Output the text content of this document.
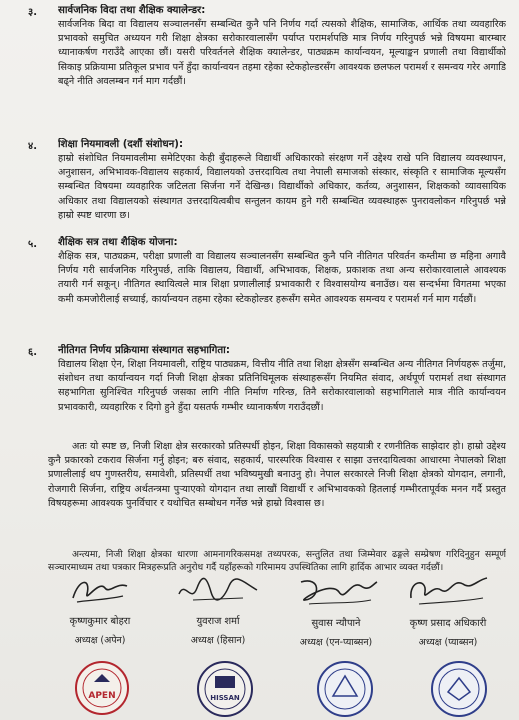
३. सार्वजनिक विदा तथा शैक्षिक क्यालेन्डर:
सार्वजनिक बिदा वा विद्यालय सञ्चालनसँग सम्बन्धित कुनै पनि निर्णय गर्दा त्यसको शैक्षिक, सामाजिक, आर्थिक तथा व्यवहारिक प्रभावको समुचित अध्ययन गरी शिक्षा क्षेत्रका सरोकारवालासँग पर्याप्त परामर्शपछि मात्र निर्णय गरिनुपर्छ भन्ने विषयमा बारम्बार ध्यानाकर्षण गराउँदै आएका छौं। यसरी परिवर्तनले शैक्षिक क्यालेन्डर, पाठ्यक्रम कार्यान्वयन, मूल्याङ्कन प्रणाली तथा विद्यार्थीको सिकाइ प्रक्रियामा प्रतिकूल प्रभाव पर्ने हुँदा कार्यान्वयन तहमा रहेका स्टेकहोल्डरसँग आवश्यक छलफल परामर्श र समन्वय गरेर अगाडि बढ्ने नीति अवलम्बन गर्न माग गर्दछौं।
४. शिक्षा नियमावली (दशौं संशोधन):
हाम्रो संशोधित नियमावलीमा समेटिएका केही बुँदाहरूले विद्यार्थी अधिकारको संरक्षण गर्ने उद्देश्य राखे पनि विद्यालय व्यवस्थापन, अनुशासन, अभिभावक-विद्यालय सहकार्य, विद्यालयको उत्तरदायित्व तथा नेपाली समाजको संस्कार, संस्कृति र सामाजिक मूल्यसँग सम्बन्धित विषयमा व्यवहारिक जटिलता सिर्जना गर्ने देखिन्छ। विद्यार्थीको अधिकार, कर्तव्य, अनुशासन, शिक्षकको व्यावसायिक अधिकार तथा विद्यालयको संस्थागत उत्तरदायित्वबीच सन्तुलन कायम हुने गरी सम्बन्धित व्यवस्थाहरू पुनरावलोकन गरिनुपर्छ भन्ने हाम्रो स्पष्ट धारणा छ।
५. शैक्षिक सत्र तथा शैक्षिक योजना:
शैक्षिक सत्र, पाठ्यक्रम, परीक्षा प्रणाली वा विद्यालय सञ्चालनसँग सम्बन्धित कुनै पनि नीतिगत परिवर्तन कम्तीमा छ महिना अगावै निर्णय गरी सार्वजनिक गरिनुपर्छ, ताकि विद्यालय, विद्यार्थी, अभिभावक, शिक्षक, प्रकाशक तथा अन्य सरोकारवालाले आवश्यक तयारी गर्न सकून्। नीतिगत स्थायित्वले मात्र शिक्षा प्रणालीलाई प्रभावकारी र विश्वासयोग्य बनाउँछ। यस सन्दर्भमा विगतमा भएका कमी कमजोरीलाई सच्याई, कार्यान्वयन तहमा रहेका स्टेकहोल्डर हरूसँग समेत आवश्यक समन्वय र परामर्श गर्न माग गर्दछौं।
६. नीतिगत निर्णय प्रक्रियामा संस्थागत सहभागिता:
विद्यालय शिक्षा ऐन, शिक्षा नियमावली, राष्ट्रिय पाठ्यक्रम, वित्तीय नीति तथा शिक्षा क्षेत्रसँग सम्बन्धित अन्य नीतिगत निर्णयहरू तर्जुमा, संशोधन तथा कार्यान्वयन गर्दा निजी शिक्षा क्षेत्रका प्रतिनिधिमूलक संस्थाहरूसँग नियमित संवाद, अर्थपूर्ण परामर्श तथा संस्थागत सहभागिता सुनिश्चित गरिनुपर्छ जसका लागि नीति निर्माण गरिन्छ, तिनै सरोकारवालाको सहभागिताले मात्र नीति कार्यान्वयन प्रभावकारी, व्यवहारिक र दिगो हुने हुँदा यसतर्फ गम्भीर ध्यानाकर्षण गराउँदछौं।
अतः यो स्पष्ट छ, निजी शिक्षा क्षेत्र सरकारको प्रतिस्पर्धी होइन, शिक्षा विकासको सहयात्री र रणनीतिक साझेदार हो। हाम्रो उद्देश्य कुनै प्रकारको टकराव सिर्जना गर्नु होइन; बरु संवाद, सहकार्य, पारस्परिक विश्वास र साझा उत्तरदायित्वका आधारमा नेपालको शिक्षा प्रणालीलाई थप गुणस्तरीय, समावेशी, प्रतिस्पर्धी तथा भविष्यमुखी बनाउनु हो। नेपाल सरकारले निजी शिक्षा क्षेत्रको योगदान, लगानी, रोजगारी सिर्जना, राष्ट्रिय अर्थतन्त्रमा पुऱ्याएको योगदान तथा लाखौं विद्यार्थी र अभिभावकको हितलाई गम्भीरतापूर्वक मनन गर्दै प्रस्तुत विषयहरूमा आवश्यक पुनर्विचार र यथोचित सम्बोधन गर्नेछ भन्ने हाम्रो विश्वास छ।
अन्त्यमा, निजी शिक्षा क्षेत्रका धारणा आमनागरिकसमक्ष तथ्यपरक, सन्तुलित तथा जिम्मेवार ढङ्गले सम्प्रेषण गरिदिनुहुन सम्पूर्ण सञ्चारमाध्यम तथा पत्रकार मित्रहरूप्रति अनुरोध गर्दै यहाँहरूको गरिमामय उपस्थितिका लागि हार्दिक आभार व्यक्त गर्दछौं।
कृष्णकुमार बोहरा
अध्यक्ष (अपेन)
युवराज शर्मा
अध्यक्ष (हिसान)
सुवास न्यौपाने
अध्यक्ष (एन-प्याब्सन)
कृष्ण प्रसाद अधिकारी
अध्यक्ष (प्याब्सन)
APEN	HISSAN
